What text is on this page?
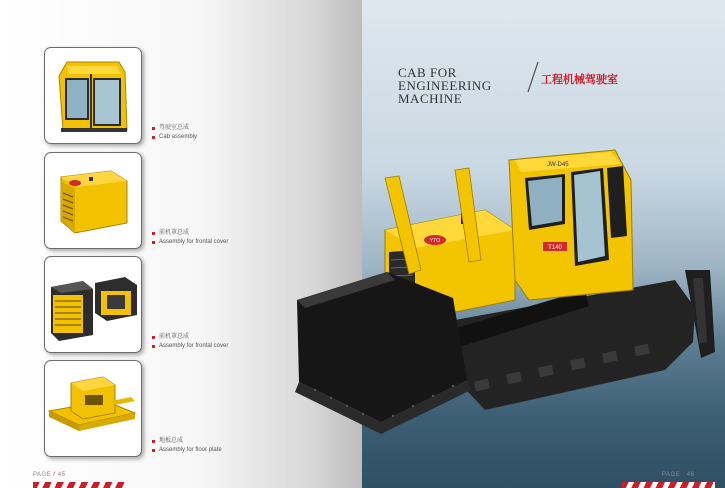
驾驶室总成
Cab assembly
前机罩总成
Assembly for frontal cover
前机罩总成
Assembly for frontal cover
地板总成
Assembly for floor plate
PAGE / 45
CAB FOR ENGINEERING MACHINE
工程机械驾驶室
YTO
JW-D45
T140
PAGE / 46
